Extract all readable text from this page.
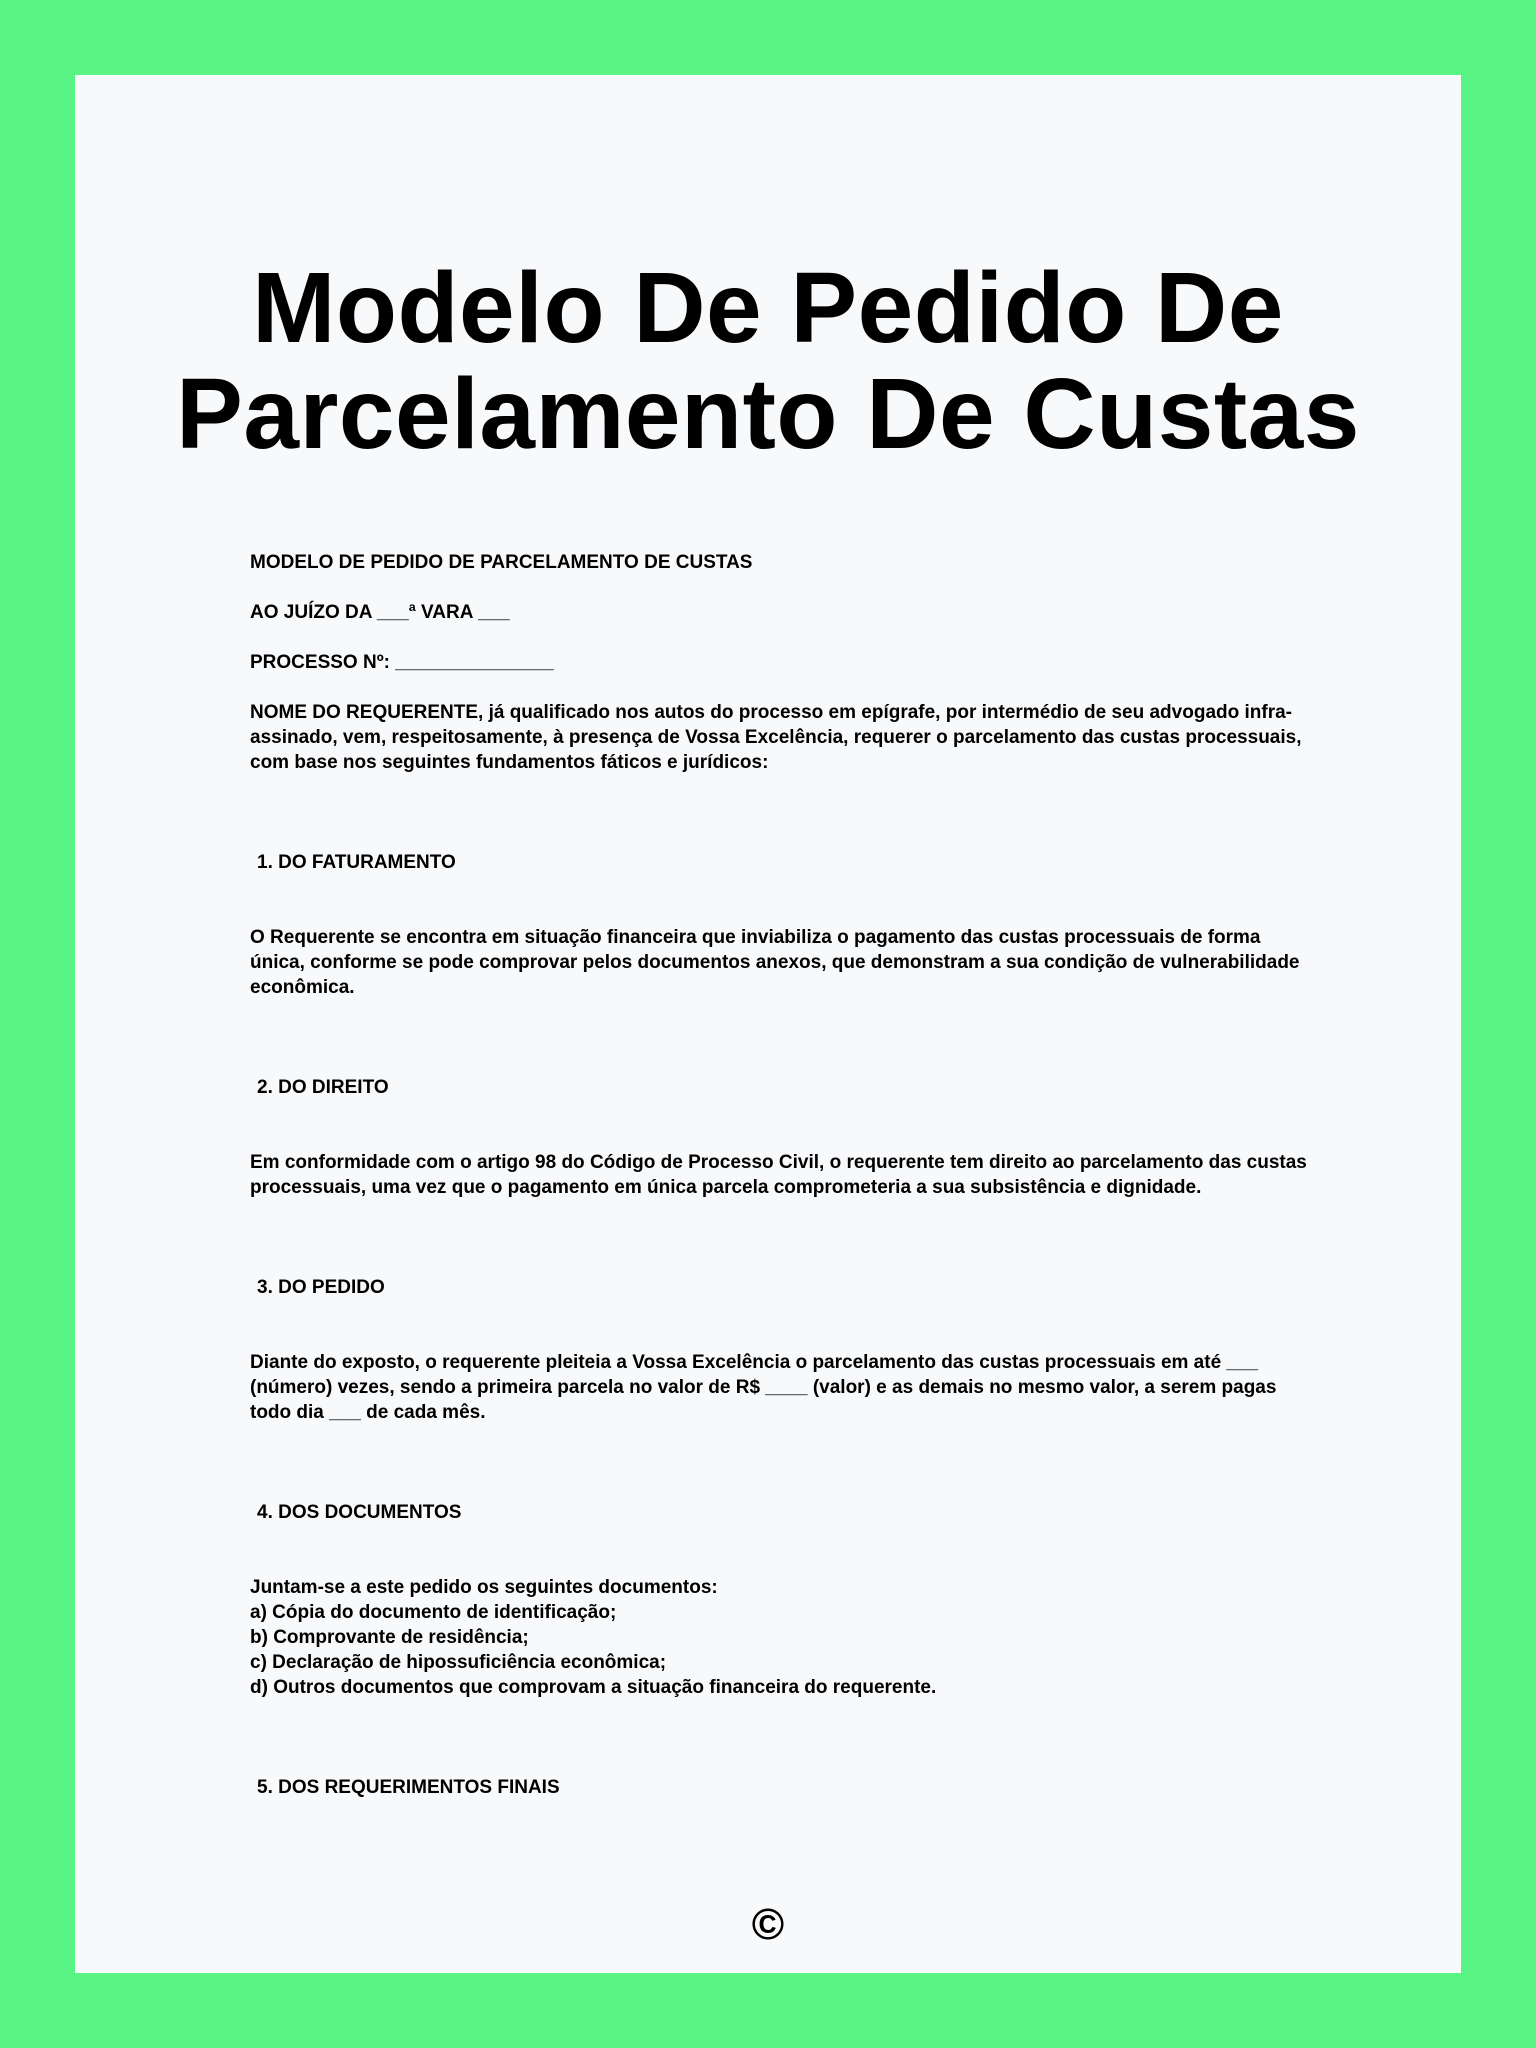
Modelo De Pedido De
Parcelamento De Custas

MODELO DE PEDIDO DE PARCELAMENTO DE CUSTAS

AO JUÍZO DA ___ª VARA ___

PROCESSO Nº: _______________

NOME DO REQUERENTE, já qualificado nos autos do processo em epígrafe, por intermédio de seu advogado infra-assinado, vem, respeitosamente, à presença de Vossa Excelência, requerer o parcelamento das custas processuais, com base nos seguintes fundamentos fáticos e jurídicos:

1. DO FATURAMENTO

O Requerente se encontra em situação financeira que inviabiliza o pagamento das custas processuais de forma única, conforme se pode comprovar pelos documentos anexos, que demonstram a sua condição de vulnerabilidade econômica.

2. DO DIREITO

Em conformidade com o artigo 98 do Código de Processo Civil, o requerente tem direito ao parcelamento das custas processuais, uma vez que o pagamento em única parcela comprometeria a sua subsistência e dignidade.

3. DO PEDIDO

Diante do exposto, o requerente pleiteia a Vossa Excelência o parcelamento das custas processuais em até ___ (número) vezes, sendo a primeira parcela no valor de R$ ____ (valor) e as demais no mesmo valor, a serem pagas todo dia ___ de cada mês.

4. DOS DOCUMENTOS

Juntam-se a este pedido os seguintes documentos:
a) Cópia do documento de identificação;
b) Comprovante de residência;
c) Declaração de hipossuficiência econômica;
d) Outros documentos que comprovam a situação financeira do requerente.

5. DOS REQUERIMENTOS FINAIS

©
